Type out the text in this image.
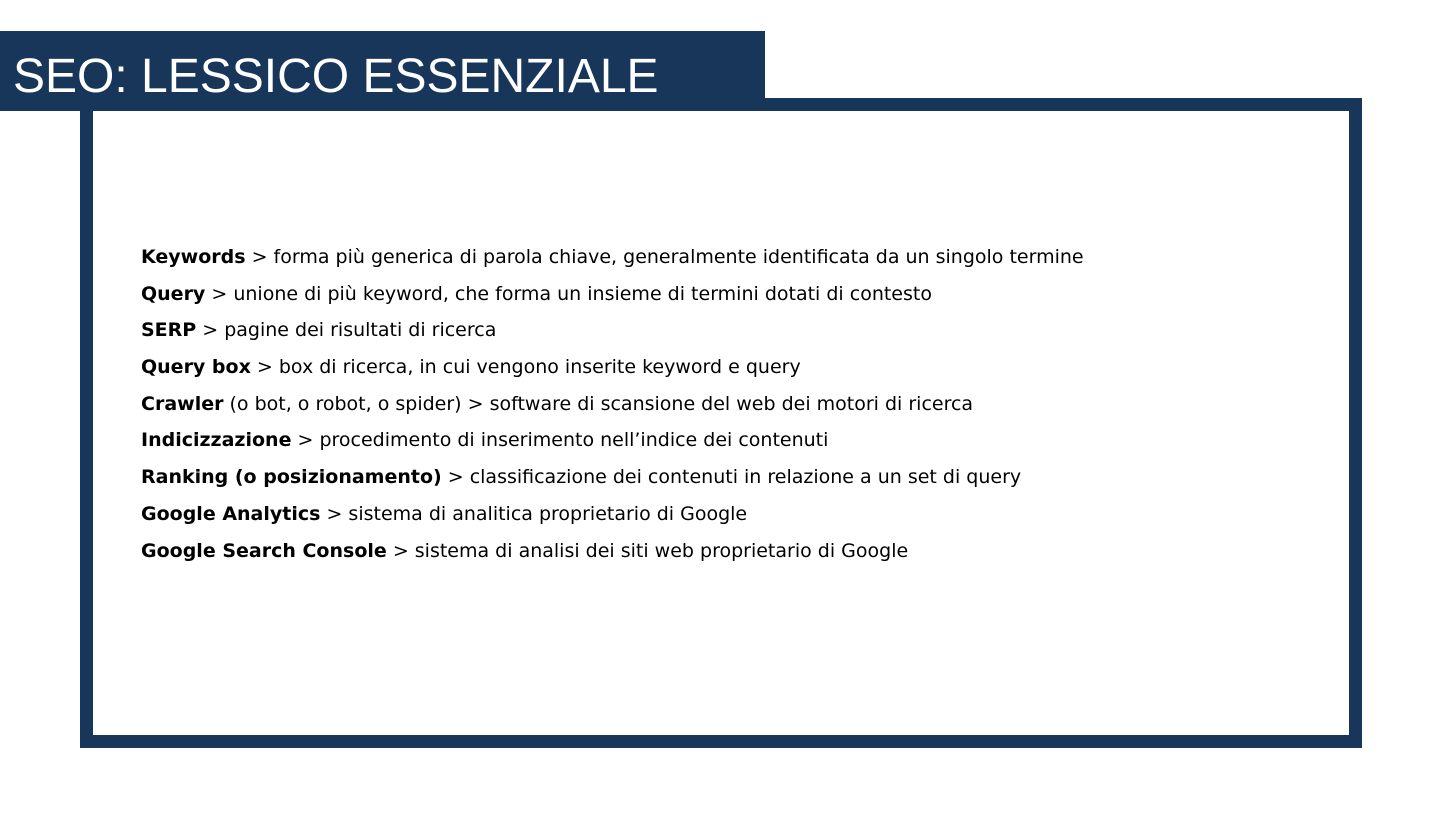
SEO: LESSICO ESSENZIALE
Keywords > forma più generica di parola chiave, generalmente identificata da un singolo termine
Query > unione di più keyword, che forma un insieme di termini dotati di contesto
SERP > pagine dei risultati di ricerca
Query box > box di ricerca, in cui vengono inserite keyword e query
Crawler (o bot, o robot, o spider) > software di scansione del web dei motori di ricerca
Indicizzazione > procedimento di inserimento nell’indice dei contenuti
Ranking (o posizionamento) > classificazione dei contenuti in relazione a un set di query
Google Analytics > sistema di analitica proprietario di Google
Google Search Console > sistema di analisi dei siti web proprietario di Google
